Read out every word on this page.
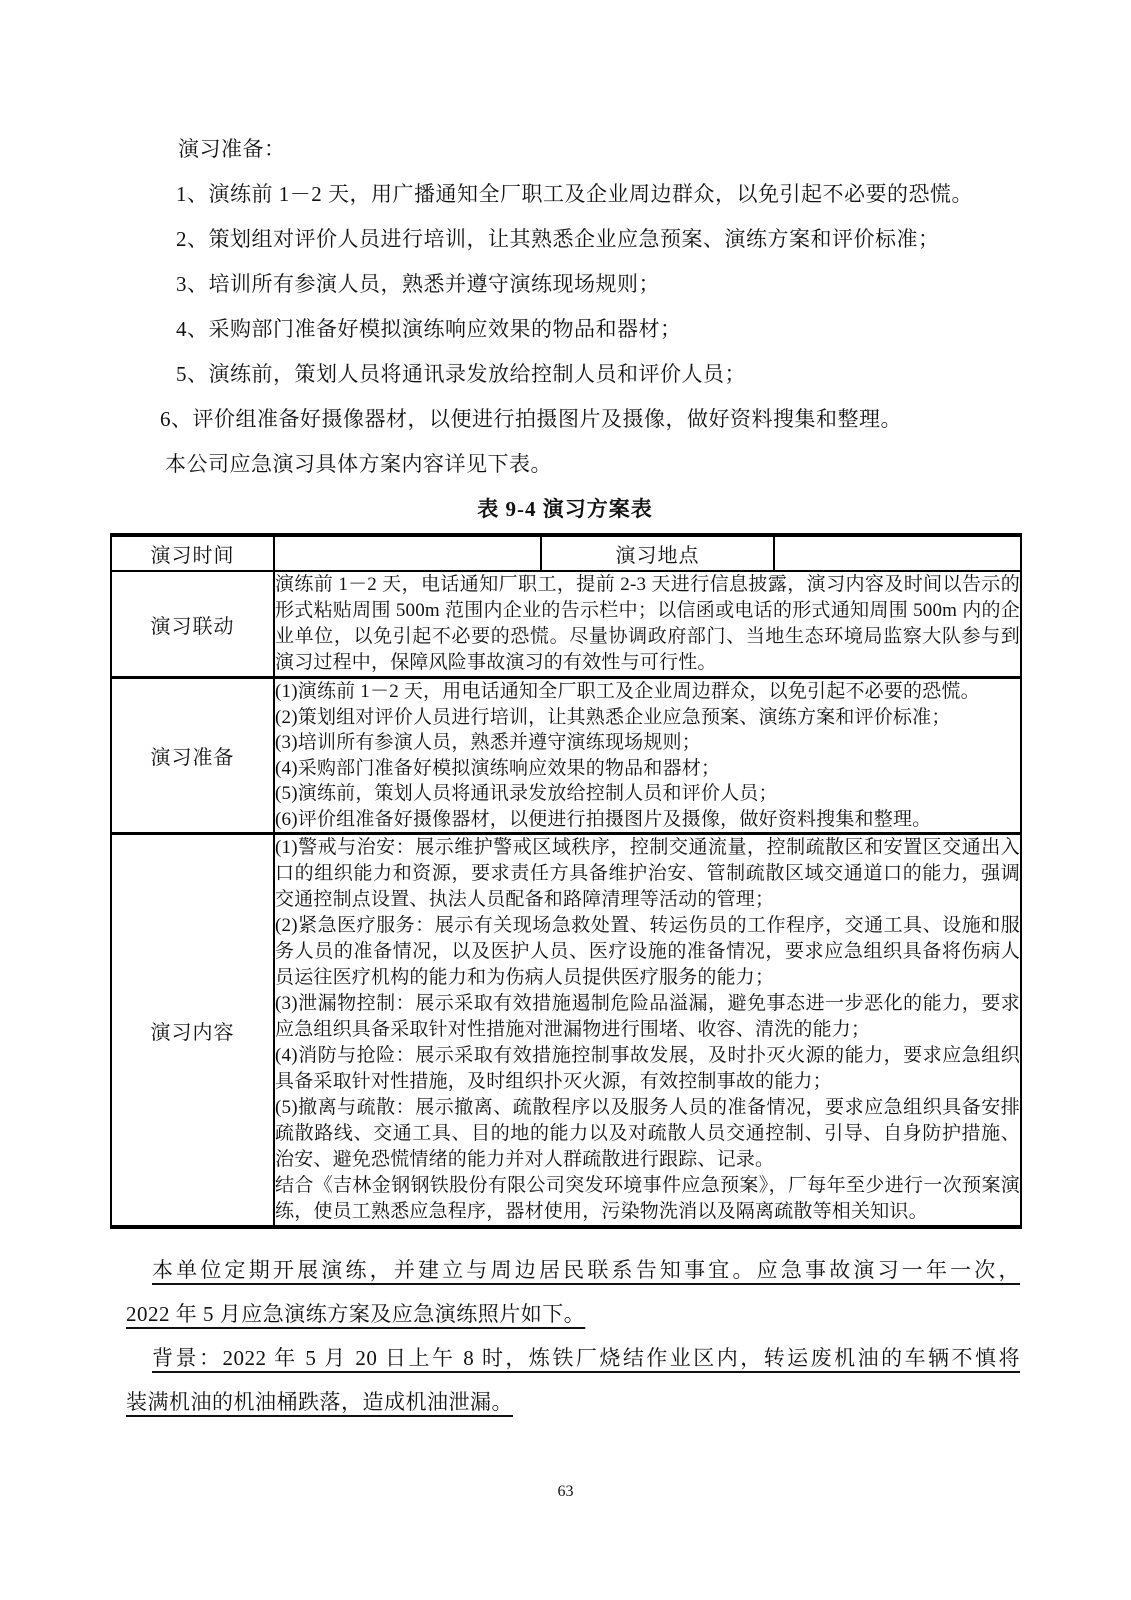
演习准备：

1、演练前 1－2 天，用广播通知全厂职工及企业周边群众，以免引起不必要的恐慌。

2、策划组对评价人员进行培训，让其熟悉企业应急预案、演练方案和评价标准；

3、培训所有参演人员，熟悉并遵守演练现场规则；

4、采购部门准备好模拟演练响应效果的物品和器材；

5、演练前，策划人员将通讯录发放给控制人员和评价人员；

6、评价组准备好摄像器材，以便进行拍摄图片及摄像，做好资料搜集和整理。

本公司应急演习具体方案内容详见下表。

表 9-4 演习方案表
演习时间		演习地点	
演习联动	演练前 1－2 天，电话通知厂职工，提前 2-3 天进行信息披露，演习内容及时间以告示的形式粘贴周围 500m 范围内企业的告示栏中；以信函或电话的形式通知周围 500m 内的企业单位，以免引起不必要的恐慌。尽量协调政府部门、当地生态环境局监察大队参与到演习过程中，保障风险事故演习的有效性与可行性。		

演习准备	
(1)演练前 1－2 天，用电话通知全厂职工及企业周边群众，以免引起不必要的恐慌。
(2)策划组对评价人员进行培训，让其熟悉企业应急预案、演练方案和评价标准；
(3)培训所有参演人员，熟悉并遵守演练现场规则；
(4)采购部门准备好模拟演练响应效果的物品和器材；
(5)演练前，策划人员将通讯录发放给控制人员和评价人员；
(6)评价组准备好摄像器材，以便进行拍摄图片及摄像，做好资料搜集和整理。

演习内容	
(1)警戒与治安：展示维护警戒区域秩序，控制交通流量，控制疏散区和安置区交通出入口的组织能力和资源，要求责任方具备维护治安、管制疏散区域交通道口的能力，强调交通控制点设置、执法人员配备和路障清理等活动的管理；
(2)紧急医疗服务：展示有关现场急救处置、转运伤员的工作程序，交通工具、设施和服务人员的准备情况，以及医护人员、医疗设施的准备情况，要求应急组织具备将伤病人员运往医疗机构的能力和为伤病人员提供医疗服务的能力；
(3)泄漏物控制：展示采取有效措施遏制危险品溢漏，避免事态进一步恶化的能力，要求应急组织具备采取针对性措施对泄漏物进行围堵、收容、清洗的能力；
(4)消防与抢险：展示采取有效措施控制事故发展，及时扑灭火源的能力，要求应急组织具备采取针对性措施，及时组织扑灭火源，有效控制事故的能力；
(5)撤离与疏散：展示撤离、疏散程序以及服务人员的准备情况，要求应急组织具备安排疏散路线、交通工具、目的地的能力以及对疏散人员交通控制、引导、自身防护措施、治安、避免恐慌情绪的能力并对人群疏散进行跟踪、记录。
结合《吉林金钢钢铁股份有限公司突发环境事件应急预案》，厂每年至少进行一次预案演练，使员工熟悉应急程序，器材使用，污染物洗消以及隔离疏散等相关知识。

本单位定期开展演练，并建立与周边居民联系告知事宜。应急事故演习一年一次，

2022 年 5 月应急演练方案及应急演练照片如下。

背景：2022 年 5 月 20 日上午 8 时，炼铁厂烧结作业区内，转运废机油的车辆不慎将

装满机油的机油桶跌落，造成机油泄漏。

63
